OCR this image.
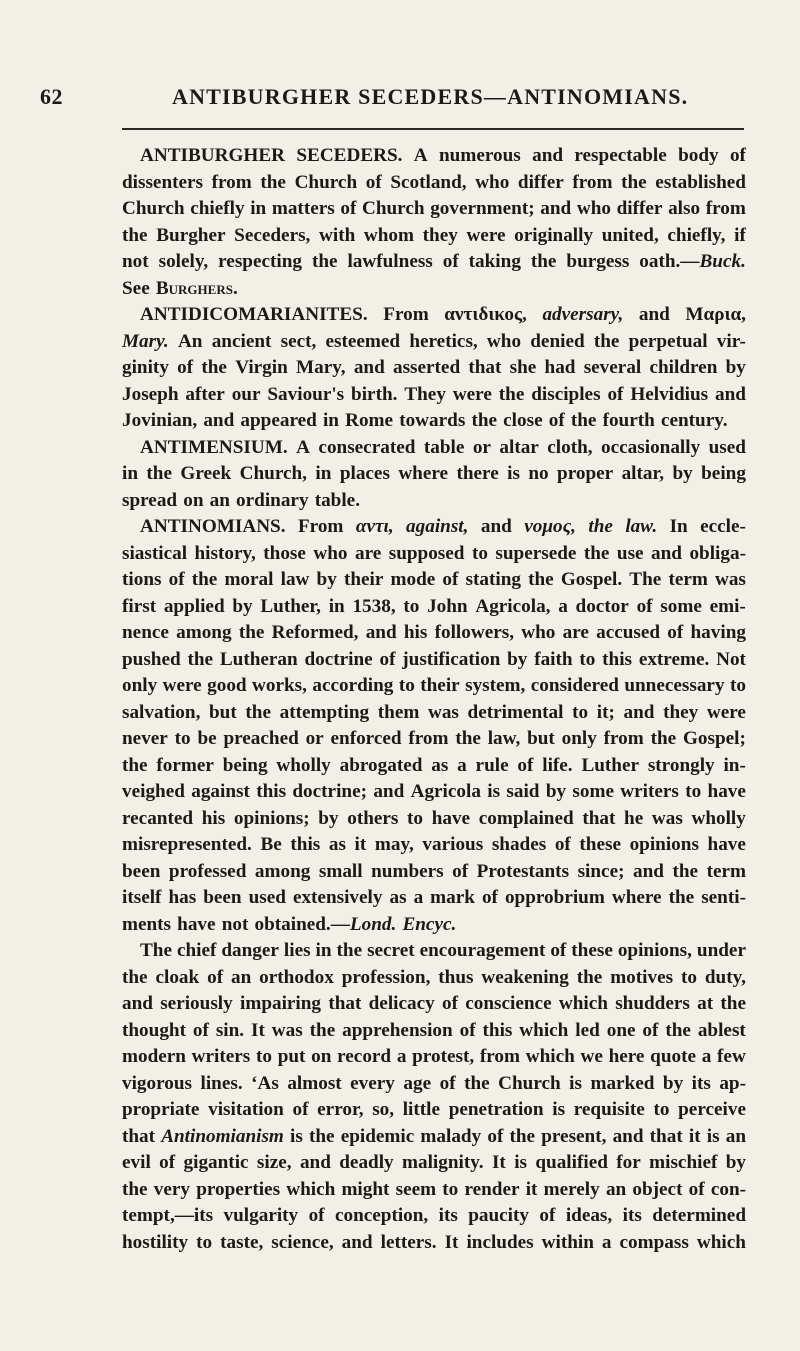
62	ANTIBURGHER SECEDERS—ANTINOMIANS.
ANTIBURGHER SECEDERS. A numerous and respectable body of
dissenters from the Church of Scotland, who differ from the established
Church chiefly in matters of Church government; and who differ also from
the Burgher Seceders, with whom they were originally united, chiefly, if
not solely, respecting the lawfulness of taking the burgess oath.—Buck.
See Burghers.
ANTIDICOMARIANITES. From αντιδικος, adversary, and Μαρια,
Mary. An ancient sect, esteemed heretics, who denied the perpetual vir-
ginity of the Virgin Mary, and asserted that she had several children by
Joseph after our Saviour's birth. They were the disciples of Helvidius and
Jovinian, and appeared in Rome towards the close of the fourth century.
ANTIMENSIUM. A consecrated table or altar cloth, occasionally used
in the Greek Church, in places where there is no proper altar, by being
spread on an ordinary table.
ANTINOMIANS. From αντι, against, and νομος, the law. In eccle-
siastical history, those who are supposed to supersede the use and obliga-
tions of the moral law by their mode of stating the Gospel. The term was
first applied by Luther, in 1538, to John Agricola, a doctor of some emi-
nence among the Reformed, and his followers, who are accused of having
pushed the Lutheran doctrine of justification by faith to this extreme. Not
only were good works, according to their system, considered unnecessary to
salvation, but the attempting them was detrimental to it; and they were
never to be preached or enforced from the law, but only from the Gospel;
the former being wholly abrogated as a rule of life. Luther strongly in-
veighed against this doctrine; and Agricola is said by some writers to have
recanted his opinions; by others to have complained that he was wholly
misrepresented. Be this as it may, various shades of these opinions have
been professed among small numbers of Protestants since; and the term
itself has been used extensively as a mark of opprobrium where the senti-
ments have not obtained.—Lond. Encyc.
The chief danger lies in the secret encouragement of these opinions, under
the cloak of an orthodox profession, thus weakening the motives to duty,
and seriously impairing that delicacy of conscience which shudders at the
thought of sin. It was the apprehension of this which led one of the ablest
modern writers to put on record a protest, from which we here quote a few
vigorous lines. ‘As almost every age of the Church is marked by its ap-
propriate visitation of error, so, little penetration is requisite to perceive
that Antinomianism is the epidemic malady of the present, and that it is an
evil of gigantic size, and deadly malignity. It is qualified for mischief by
the very properties which might seem to render it merely an object of con-
tempt,—its vulgarity of conception, its paucity of ideas, its determined
hostility to taste, science, and letters. It includes within a compass which
